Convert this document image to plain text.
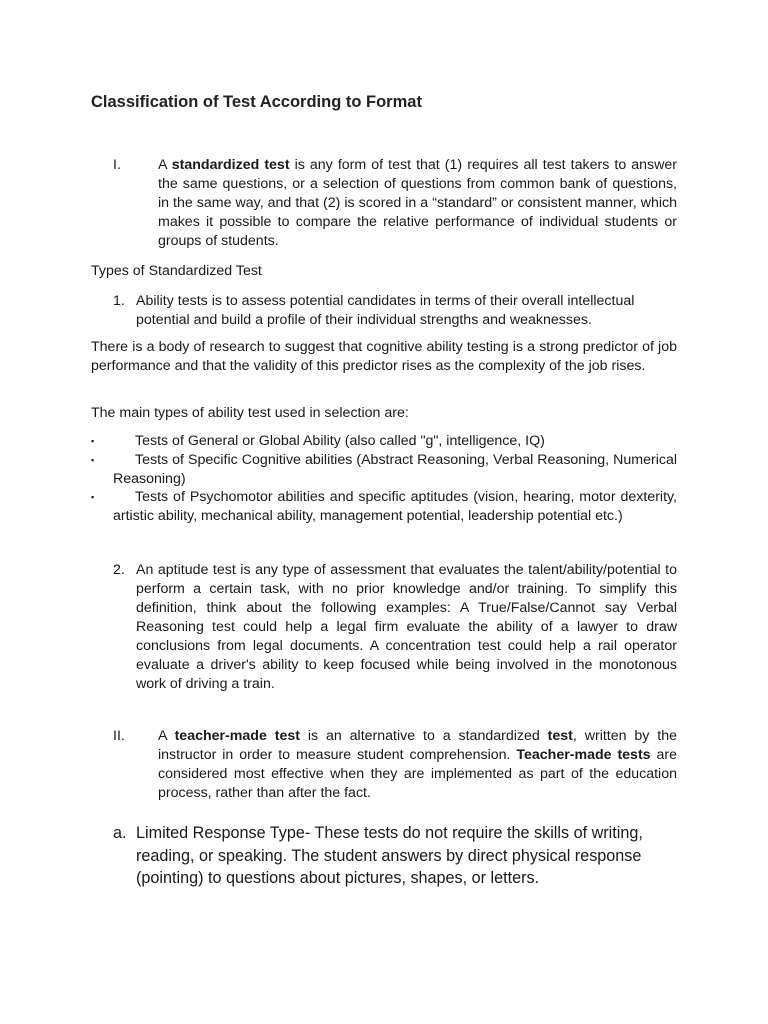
Classification of Test According to Format
I.	A standardized test is any form of test that (1) requires all test takers to answer the same questions, or a selection of questions from common bank of questions, in the same way, and that (2) is scored in a “standard” or consistent manner, which makes it possible to compare the relative performance of individual students or groups of students.
Types of Standardized Test
1. Ability tests is to assess potential candidates in terms of their overall intellectual potential and build a profile of their individual strengths and weaknesses.
There is a body of research to suggest that cognitive ability testing is a strong predictor of job performance and that the validity of this predictor rises as the complexity of the job rises.
The main types of ability test used in selection are:
▪	Tests of General or Global Ability (also called "g", intelligence, IQ)
▪	Tests of Specific Cognitive abilities (Abstract Reasoning, Verbal Reasoning, Numerical Reasoning)
▪	Tests of Psychomotor abilities and specific aptitudes (vision, hearing, motor dexterity, artistic ability, mechanical ability, management potential, leadership potential etc.)
2. An aptitude test is any type of assessment that evaluates the talent/ability/potential to perform a certain task, with no prior knowledge and/or training. To simplify this definition, think about the following examples: A True/False/Cannot say Verbal Reasoning test could help a legal firm evaluate the ability of a lawyer to draw conclusions from legal documents. A concentration test could help a rail operator evaluate a driver's ability to keep focused while being involved in the monotonous work of driving a train.
II. A teacher-made test is an alternative to a standardized test, written by the instructor in order to measure student comprehension. Teacher-made tests are considered most effective when they are implemented as part of the education process, rather than after the fact.
a. Limited Response Type- These tests do not require the skills of writing, reading, or speaking. The student answers by direct physical response (pointing) to questions about pictures, shapes, or letters.
